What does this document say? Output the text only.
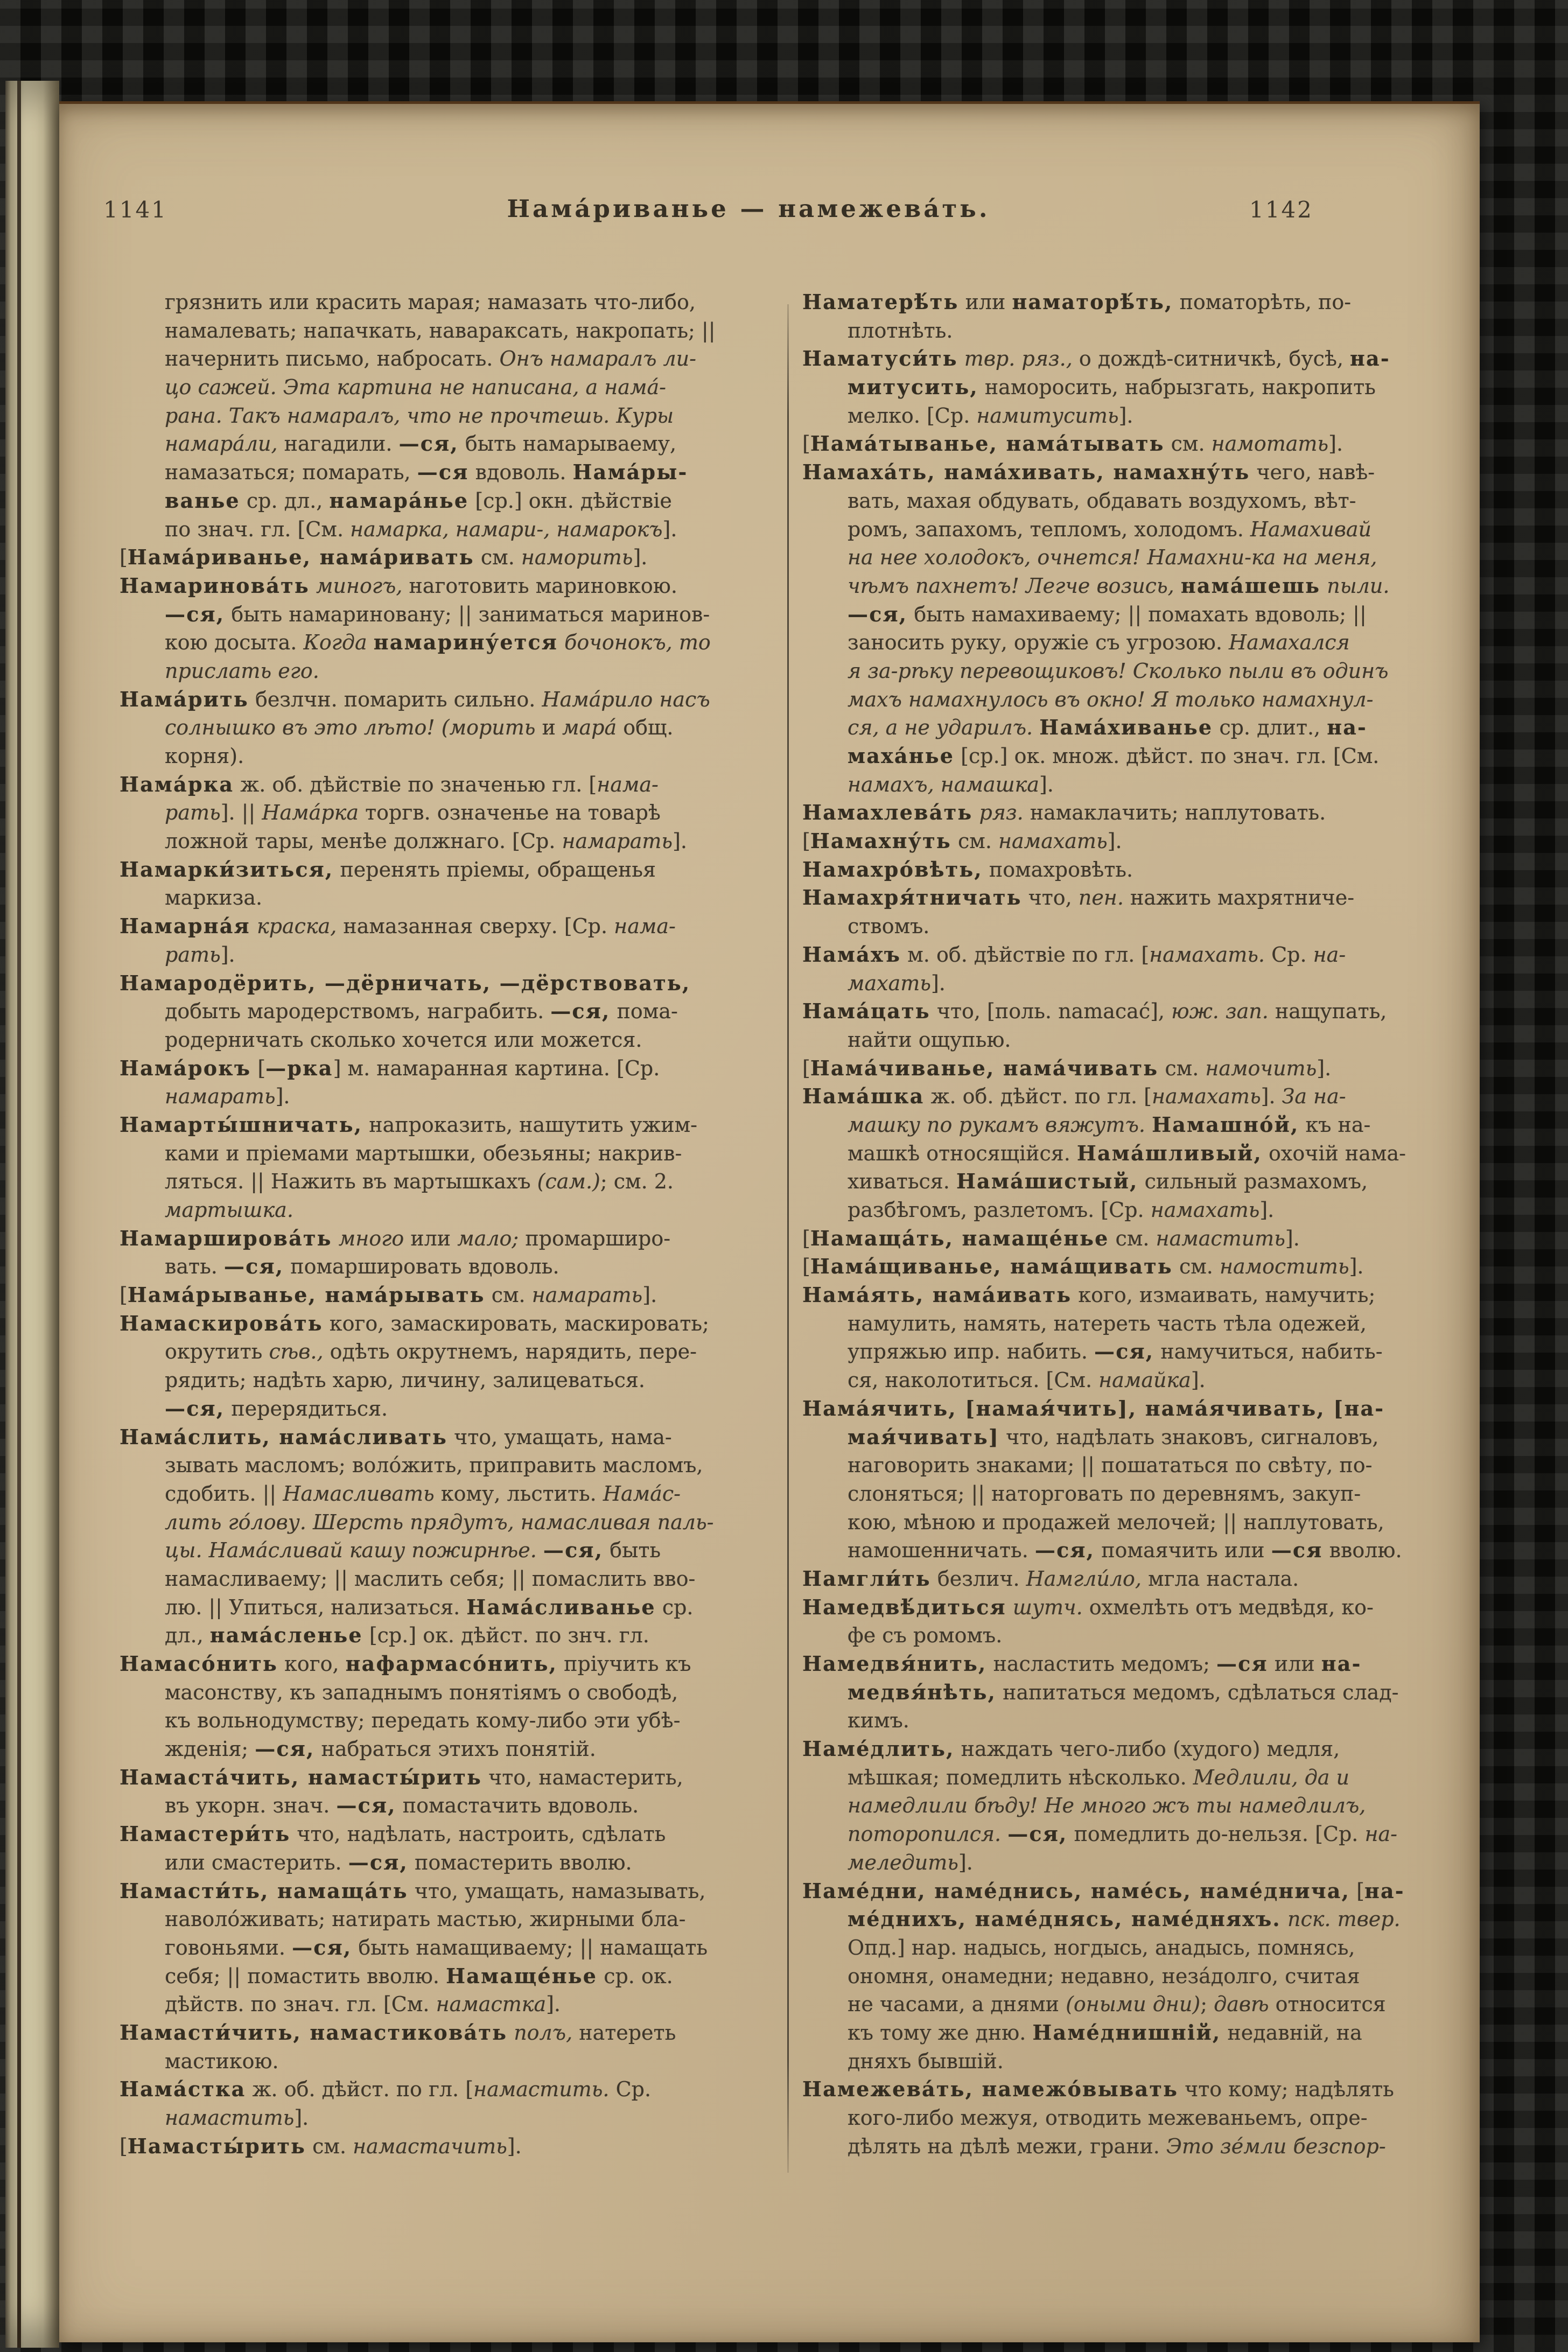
1141	Нама́риванье — намежева́ть.	1142
грязнить или красить марая; намазать что-либо,
намалевать; напачкать, навараксать, накропать; ||
начернить письмо, набросать. Онъ намаралъ ли-
цо сажей. Эта картина не написана, а нама́-
рана. Такъ намаралъ, что не прочтешь. Куры
намара́ли, нагадили. —ся, быть намарываему,
намазаться; помарать, —ся вдоволь. Нама́ры-
ванье ср. дл., намара́нье [ср.] окн. дѣйствіе
по знач. гл. [См. намарка, намари-, намарокъ].
[Нама́риванье, нама́ривать см. наморить].
Намаринова́ть миногъ, наготовить мариновкою.
—ся, быть намариновану; || заниматься маринов-
кою досыта. Когда намарину́ется бочонокъ, то
прислать его.
Нама́рить безлчн. помарить сильно. Нама́рило насъ
солнышко въ это лѣто! (морить и мара́ общ.
корня).
Нама́рка ж. об. дѣйствіе по значенью гл. [нама-
рать]. || Нама́рка торгв. означенье на товарѣ
ложной тары, менѣе должнаго. [Ср. намарать].
Намарки́зиться, перенять пріемы, обращенья
маркиза.
Намарна́я краска, намазанная сверху. [Ср. нама-
рать].
Намародёрить, —дёрничать, —дёрствовать,
добыть мародерствомъ, награбить. —ся, пома-
родерничать сколько хочется или можется.
Нама́рокъ [—рка] м. намаранная картина. [Ср.
намарать].
Намарты́шничать, напроказить, нашутить ужим-
ками и пріемами мартышки, обезьяны; накрив-
ляться. || Нажить въ мартышкахъ (сам.); см. 2.
мартышка.
Намаршировáть много или мало; промарширо-
вать. —ся, помаршировать вдоволь.
[Нама́рыванье, нама́рывать см. намарать].
Намаскирова́ть кого, замаскировать, маскировать;
окрутить сѣв., одѣть окрутнемъ, нарядить, пере-
рядить; надѣть харю, личину, залицеваться.
—ся, перерядиться.
Нама́слить, нама́сливать что, умащать, нама-
зывать масломъ; воло́жить, приправить масломъ,
сдобить. || Намасливать кому, льстить. Нама́с-
лить го́лову. Шерсть прядутъ, намасливая паль-
цы. Нама́сливай кашу пожирнѣе. —ся, быть
намасливаему; || маслить себя; || помаслить вво-
лю. || Упиться, нализаться. Нама́сливанье ср.
дл., нама́сленье [ср.] ок. дѣйст. по знч. гл.
Намасо́нить кого, нафармасо́нить, пріучить къ
масонству, къ западнымъ понятіямъ о свободѣ,
къ вольнодумству; передать кому-либо эти убѣ-
жденія; —ся, набраться этихъ понятій.
Намаста́чить, намасты́рить что, намастерить,
въ укорн. знач. —ся, помастачить вдоволь.
Намастери́ть что, надѣлать, настроить, сдѣлать
или смастерить. —ся, помастерить вволю.
Намасти́ть, намаща́ть что, умащать, намазывать,
наволо́живать; натирать мастью, жирными бла-
говоньями. —ся, быть намащиваему; || намащать
себя; || помастить вволю. Намаще́нье ср. ок.
дѣйств. по знач. гл. [См. намастка].
Намасти́чить, намастикова́ть полъ, натереть
мастикою.
Нама́стка ж. об. дѣйст. по гл. [намастить. Ср.
намастить].
[Намасты́рить см. намастачить].
Наматерѣ́ть или наматорѣ́ть, поматорѣть, по-
плотнѣть.
Наматуси́ть твр. ряз., о дождѣ-ситничкѣ, бусѣ, на-
митусить, наморосить, набрызгать, накропить
мелко. [Ср. намитусить].
[Нама́тыванье, нама́тывать см. намотать].
Намаха́ть, нама́хивать, намахну́ть чего, навѣ-
вать, махая обдувать, обдавать воздухомъ, вѣт-
ромъ, запахомъ, тепломъ, холодомъ. Намахивай
на нее холодокъ, очнется! Намахни-ка на меня,
чѣмъ пахнетъ! Легче возись, нама́шешь пыли.
—ся, быть намахиваему; || помахать вдоволь; ||
заносить руку, оружіе съ угрозою. Намахался
я за-рѣку перевощиковъ! Сколько пыли въ одинъ
махъ намахнулось въ окно! Я только намахнул-
ся, а не ударилъ. Нама́хиванье ср. длит., на-
маха́нье [ср.] ок. множ. дѣйст. по знач. гл. [См.
намахъ, намашка].
Намахлева́ть ряз. намаклачить; наплутовать.
[Намахну́ть см. намахать].
Намахро́вѣть, помахровѣть.
Намахря́тничать что, пен. нажить махрятниче-
ствомъ.
Нама́хъ м. об. дѣйствіе по гл. [намахать. Ср. на-
махать].
Нама́цать что, [поль. namacać], юж. зап. нащупать,
найти ощупью.
[Нама́чиванье, нама́чивать см. намочить].
Нама́шка ж. об. дѣйст. по гл. [намахать]. За на-
машку по рукамъ вяжутъ. Намашно́й, къ на-
машкѣ относящійся. Нама́шливый, охочій нама-
хиваться. Нама́шистый, сильный размахомъ,
разбѣгомъ, разлетомъ. [Ср. намахать].
[Намаща́ть, намаще́нье см. намастить].
[Нама́щиванье, нама́щивать см. намостить].
Нама́ять, нама́ивать кого, измаивать, намучить;
намулить, намять, натереть часть тѣла одежей,
упряжью ипр. набить. —ся, намучиться, набить-
ся, наколотиться. [См. намайка].
Нама́ячить, [намая́чить], нама́ячивать, [на-
мая́чивать] что, надѣлать знаковъ, сигналовъ,
наговорить знаками; || пошататься по свѣту, по-
слоняться; || наторговать по деревнямъ, закуп-
кою, мѣною и продажей мелочей; || наплутовать,
намошенничать. —ся, помаячить или —ся вволю.
Намгли́ть безлич. Намгли́ло, мгла настала.
Намедвѣ́диться шутч. охмелѣть отъ медвѣдя, ко-
фе съ ромомъ.
Намедвя́нить, насластить медомъ; —ся или на-
медвя́нѣть, напитаться медомъ, сдѣлаться слад-
кимъ.
Наме́длить, наждать чего-либо (худого) медля,
мѣшкая; помедлить нѣсколько. Медлили, да и
намедлили бѣду! Не много жъ ты намедлилъ,
поторопился. —ся, помедлить до-нельзя. [Ср. на-
меледить].
Наме́дни, наме́днись, наме́сь, наме́днича, [на-
ме́днихъ, наме́днясь, наме́дняхъ. пск. твер.
Опд.] нар. надысь, ногдысь, анадысь, помнясь,
ономня, онамедни; недавно, неза́долго, считая
не часами, а днями (оными дни); давѣ относится
къ тому же дню. Наме́днишній, недавній, на
дняхъ бывшій.
Намежева́ть, намежо́вывать что кому; надѣлять
кого-либо межуя, отводить межеваньемъ, опре-
дѣлять на дѣлѣ межи, грани. Это зе́мли безспор-
